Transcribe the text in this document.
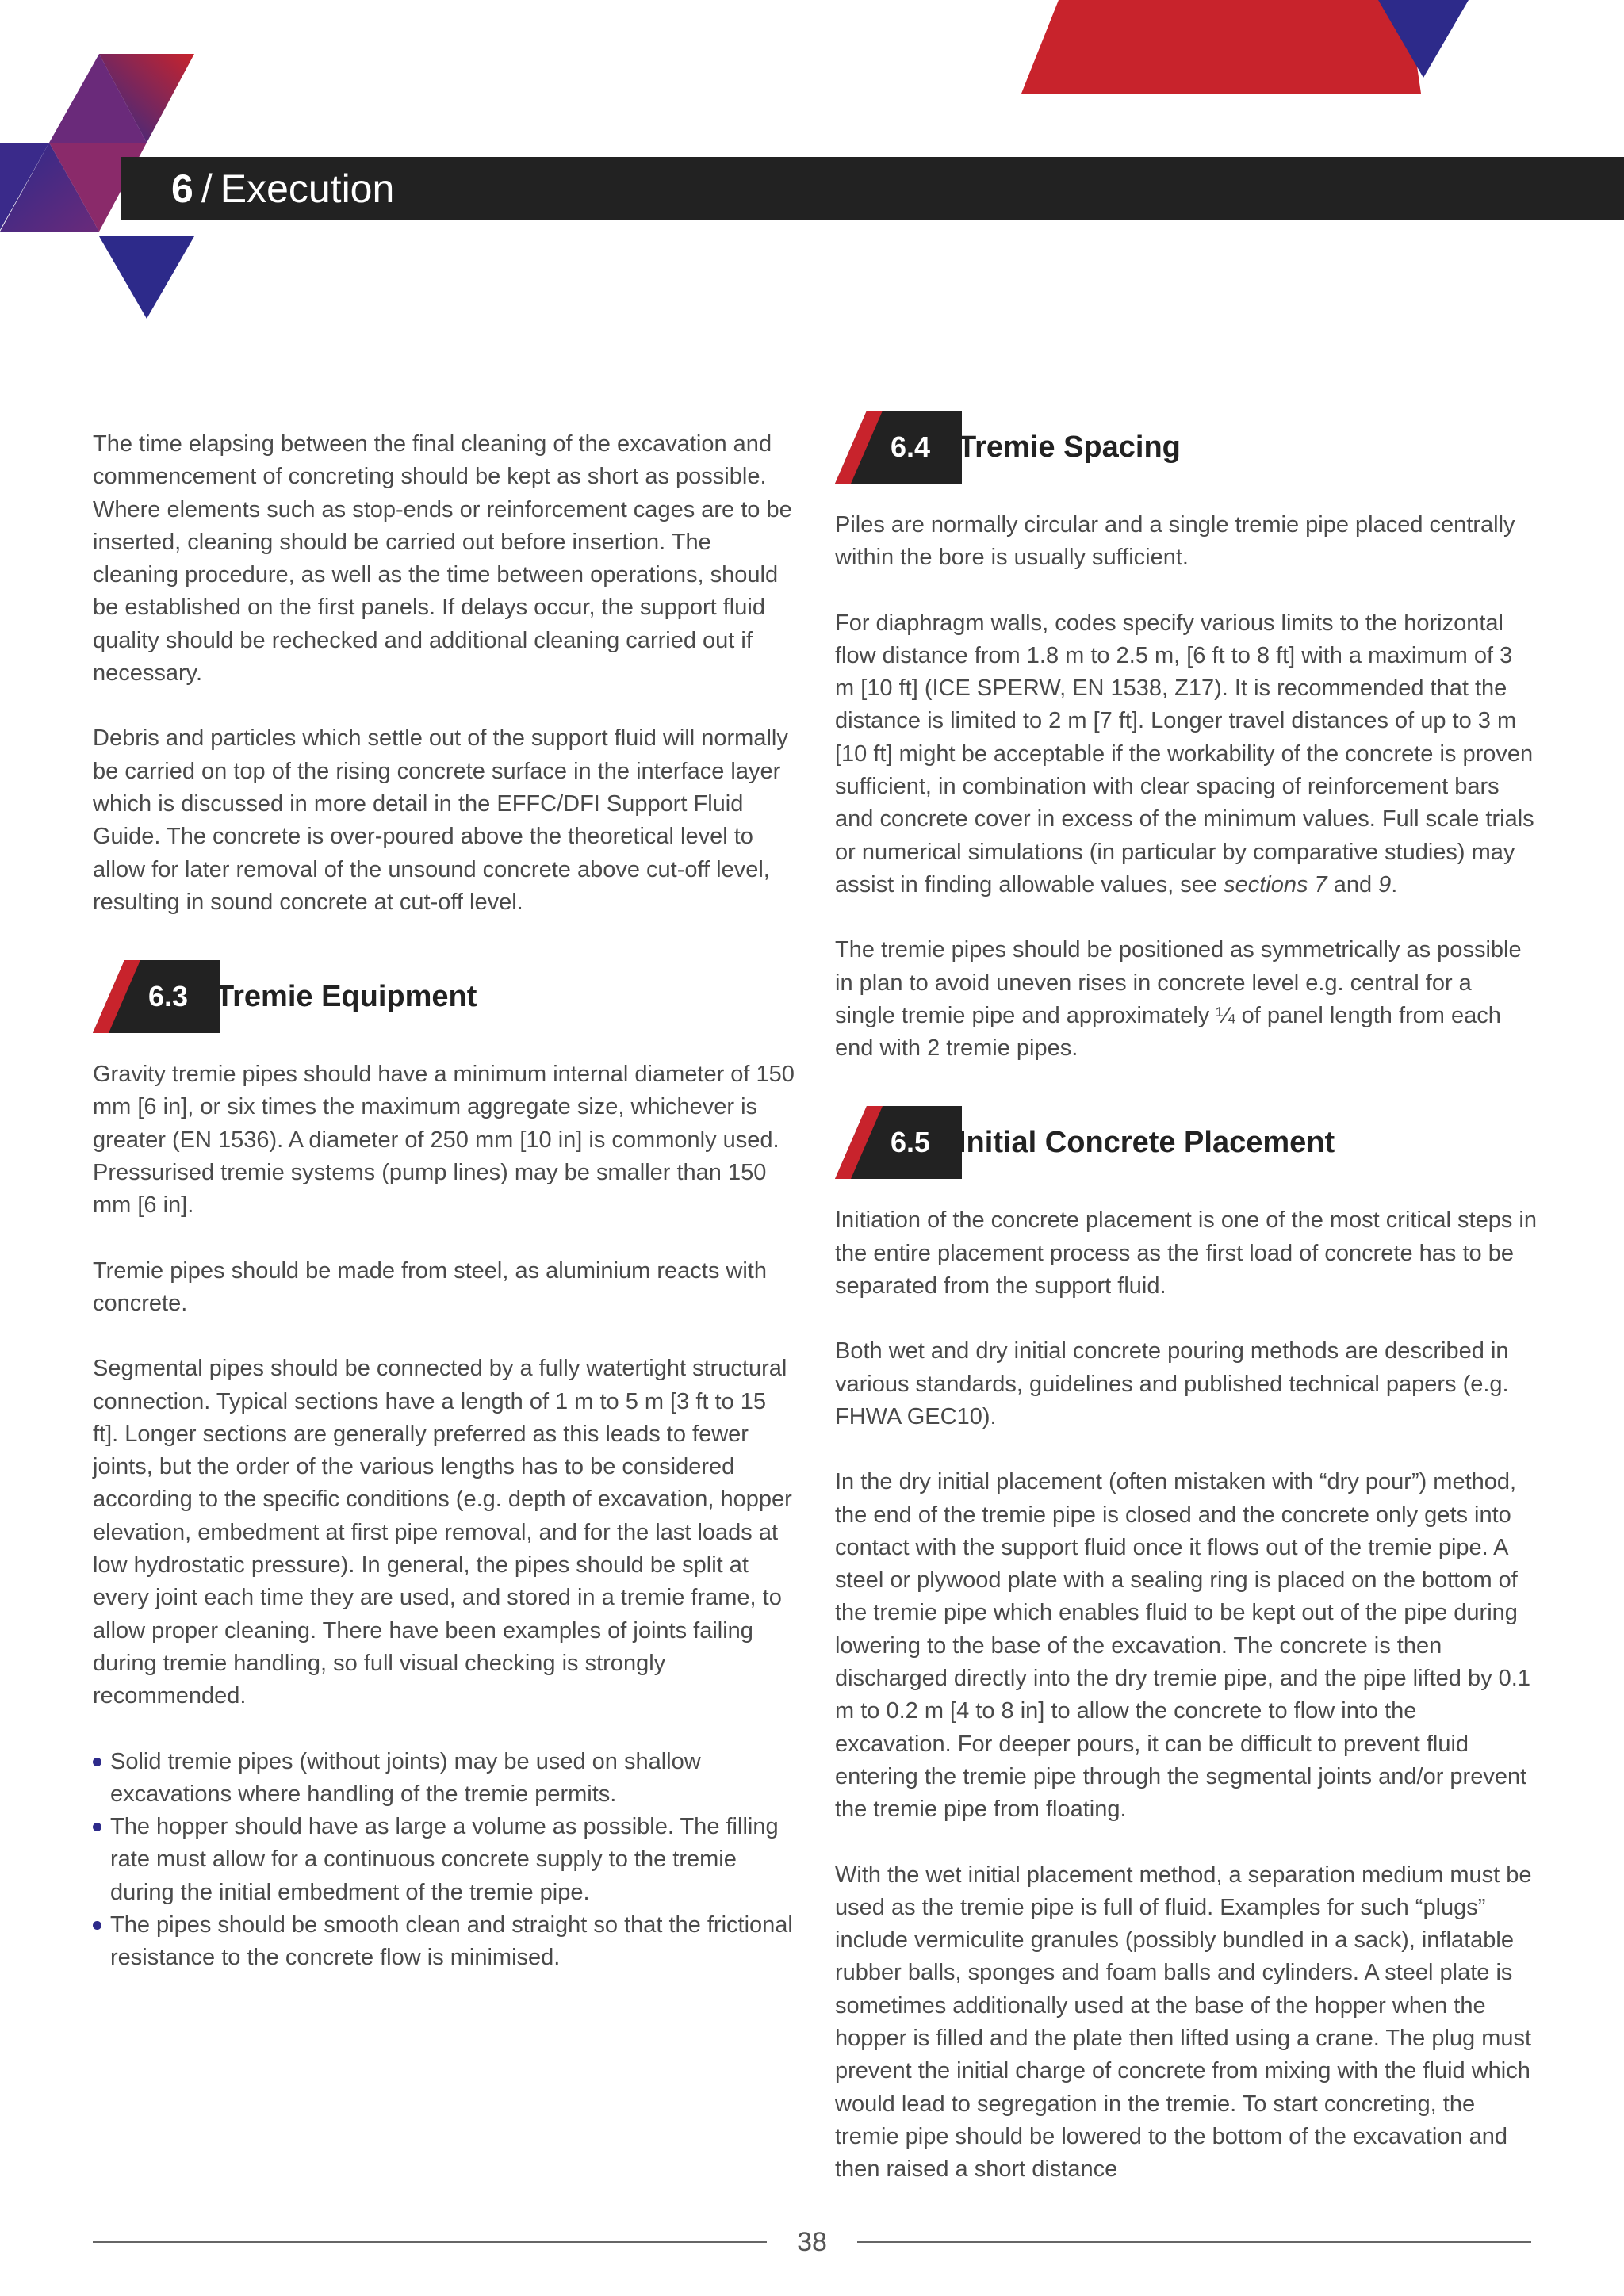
6 / Execution

The time elapsing between the final cleaning of the excavation and commencement of concreting should be kept as short as possible. Where elements such as stop-ends or reinforcement cages are to be inserted, cleaning should be carried out before insertion. The cleaning procedure, as well as the time between operations, should be established on the first panels. If delays occur, the support fluid quality should be rechecked and additional cleaning carried out if necessary.

Debris and particles which settle out of the support fluid will normally be carried on top of the rising concrete surface in the interface layer which is discussed in more detail in the EFFC/DFI Support Fluid Guide. The concrete is over-poured above the theoretical level to allow for later removal of the unsound concrete above cut-off level, resulting in sound concrete at cut-off level.

6.3 Tremie Equipment

Gravity tremie pipes should have a minimum internal diameter of 150 mm [6 in], or six times the maximum aggregate size, whichever is greater (EN 1536). A diameter of 250 mm [10 in] is commonly used. Pressurised tremie systems (pump lines) may be smaller than 150 mm [6 in].

Tremie pipes should be made from steel, as aluminium reacts with concrete.

Segmental pipes should be connected by a fully watertight structural connection. Typical sections have a length of 1 m to 5 m [3 ft to 15 ft]. Longer sections are generally preferred as this leads to fewer joints, but the order of the various lengths has to be considered according to the specific conditions (e.g. depth of excavation, hopper elevation, embedment at first pipe removal, and for the last loads at low hydrostatic pressure). In general, the pipes should be split at every joint each time they are used, and stored in a tremie frame, to allow proper cleaning. There have been examples of joints failing during tremie handling, so full visual checking is strongly recommended.

Solid tremie pipes (without joints) may be used on shallow excavations where handling of the tremie permits.
The hopper should have as large a volume as possible. The filling rate must allow for a continuous concrete supply to the tremie during the initial embedment of the tremie pipe.
The pipes should be smooth clean and straight so that the frictional resistance to the concrete flow is minimised.
6.4 Tremie Spacing

Piles are normally circular and a single tremie pipe placed centrally within the bore is usually sufficient.

For diaphragm walls, codes specify various limits to the horizontal flow distance from 1.8 m to 2.5 m, [6 ft to 8 ft] with a maximum of 3 m [10 ft] (ICE SPERW, EN 1538, Z17). It is recommended that the distance is limited to 2 m [7 ft]. Longer travel distances of up to 3 m [10 ft] might be acceptable if the workability of the concrete is proven sufficient, in combination with clear spacing of reinforcement bars and concrete cover in excess of the minimum values. Full scale trials or numerical simulations (in particular by comparative studies) may assist in finding allowable values, see sections 7 and 9.

The tremie pipes should be positioned as symmetrically as possible in plan to avoid uneven rises in concrete level e.g. central for a single tremie pipe and approximately ¼ of panel length from each end with 2 tremie pipes.

6.5 Initial Concrete Placement

Initiation of the concrete placement is one of the most critical steps in the entire placement process as the first load of concrete has to be separated from the support fluid.

Both wet and dry initial concrete pouring methods are described in various standards, guidelines and published technical papers (e.g. FHWA GEC10).

In the dry initial placement (often mistaken with “dry pour”) method, the end of the tremie pipe is closed and the concrete only gets into contact with the support fluid once it flows out of the tremie pipe. A steel or plywood plate with a sealing ring is placed on the bottom of the tremie pipe which enables fluid to be kept out of the pipe during lowering to the base of the excavation. The concrete is then discharged directly into the dry tremie pipe, and the pipe lifted by 0.1 m to 0.2 m [4 to 8 in] to allow the concrete to flow into the excavation. For deeper pours, it can be difficult to prevent fluid entering the tremie pipe through the segmental joints and/or prevent the tremie pipe from floating.

With the wet initial placement method, a separation medium must be used as the tremie pipe is full of fluid. Examples for such “plugs” include vermiculite granules (possibly bundled in a sack), inflatable rubber balls, sponges and foam balls and cylinders. A steel plate is sometimes additionally used at the base of the hopper when the hopper is filled and the plate then lifted using a crane. The plug must prevent the initial charge of concrete from mixing with the fluid which would lead to segregation in the tremie. To start concreting, the tremie pipe should be lowered to the bottom of the excavation and then raised a short distance

38
